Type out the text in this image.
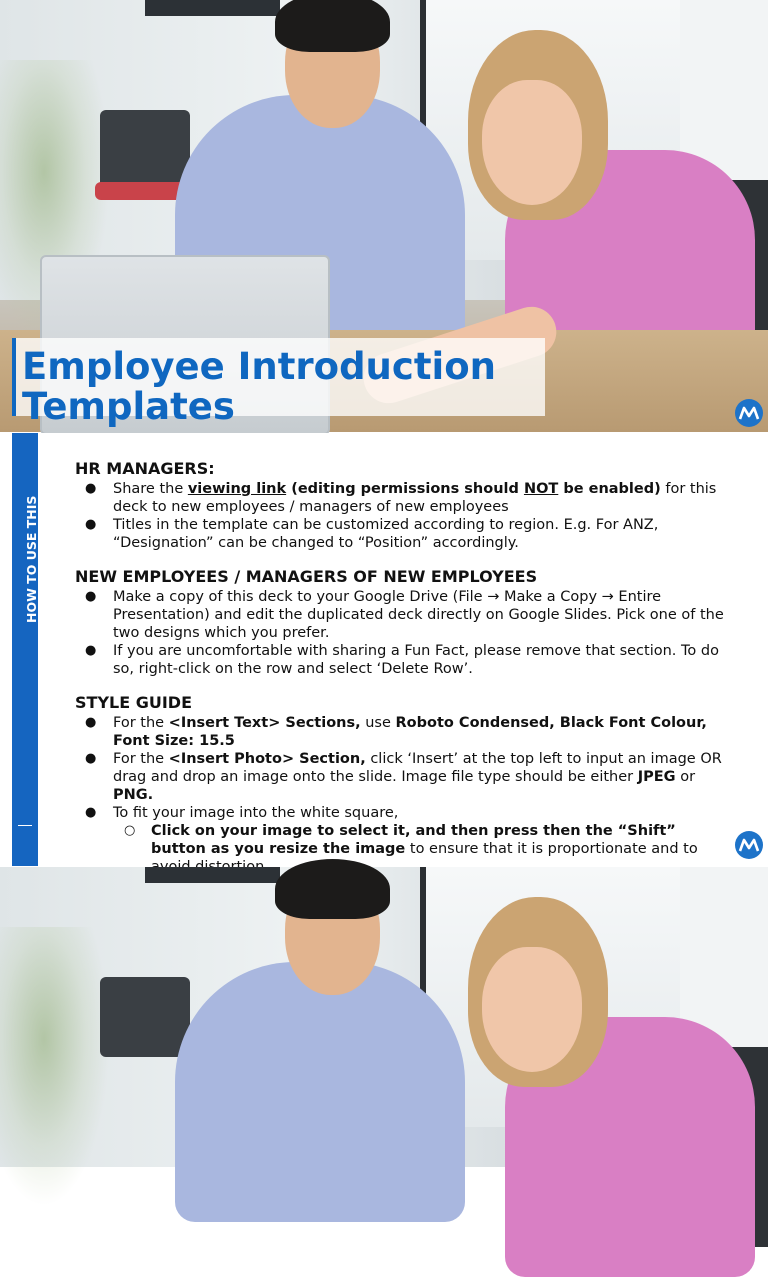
Employee Introduction Templates
HOW TO USE THIS TEMPLATE LIBRARY
HR MANAGERS:
● Share the viewing link (editing permissions should NOT be enabled) for this deck to new employees / managers of new employees
● Titles in the template can be customized according to region. E.g. For ANZ, “Designation” can be changed to “Position” accordingly.
NEW EMPLOYEES / MANAGERS OF NEW EMPLOYEES
● Make a copy of this deck to your Google Drive (File → Make a Copy → Entire Presentation) and edit the duplicated deck directly on Google Slides. Pick one of the two designs which you prefer.
● If you are uncomfortable with sharing a Fun Fact, please remove that section. To do so, right-click on the row and select ‘Delete Row’.
STYLE GUIDE
● For the <Insert Text> Sections, use Roboto Condensed, Black Font Colour, Font Size: 15.5
● For the <Insert Photo> Section, click ‘Insert’ at the top left to input an image OR drag and drop an image onto the slide. Image file type should be either JPEG or PNG.
● To fit your image into the white square,
○ Click on your image to select it, and then press then the “Shift” button as you resize the image to ensure that it is proportionate and to
